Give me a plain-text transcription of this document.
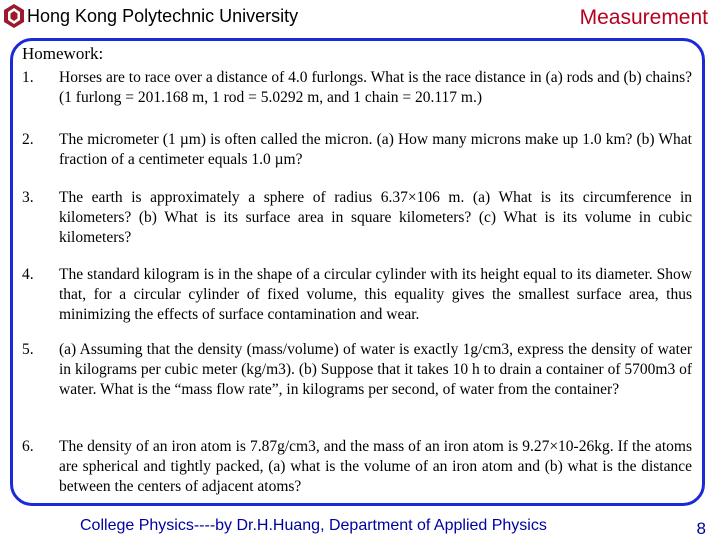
Hong Kong Polytechnic University	Measurement
Homework:
1. Horses are to race over a distance of 4.0 furlongs. What is the race distance in (a) rods and (b) chains? (1 furlong = 201.168 m, 1 rod = 5.0292 m, and 1 chain = 20.117 m.)
2. The micrometer (1 µm) is often called the micron. (a) How many microns make up 1.0 km? (b) What fraction of a centimeter equals 1.0 µm?
3. The earth is approximately a sphere of radius 6.37×106 m. (a) What is its circumference in kilometers? (b) What is its surface area in square kilometers? (c) What is its volume in cubic kilometers?
4. The standard kilogram is in the shape of a circular cylinder with its height equal to its diameter. Show that, for a circular cylinder of fixed volume, this equality gives the smallest surface area, thus minimizing the effects of surface contamination and wear.
5. (a) Assuming that the density (mass/volume) of water is exactly 1g/cm3, express the density of water in kilograms per cubic meter (kg/m3). (b) Suppose that it takes 10 h to drain a container of 5700m3 of water. What is the “mass flow rate”, in kilograms per second, of water from the container?
6. The density of an iron atom is 7.87g/cm3, and the mass of an iron atom is 9.27×10-26kg. If the atoms are spherical and tightly packed, (a) what is the volume of an iron atom and (b) what is the distance between the centers of adjacent atoms?
College Physics----by Dr.H.Huang, Department of Applied Physics	8
